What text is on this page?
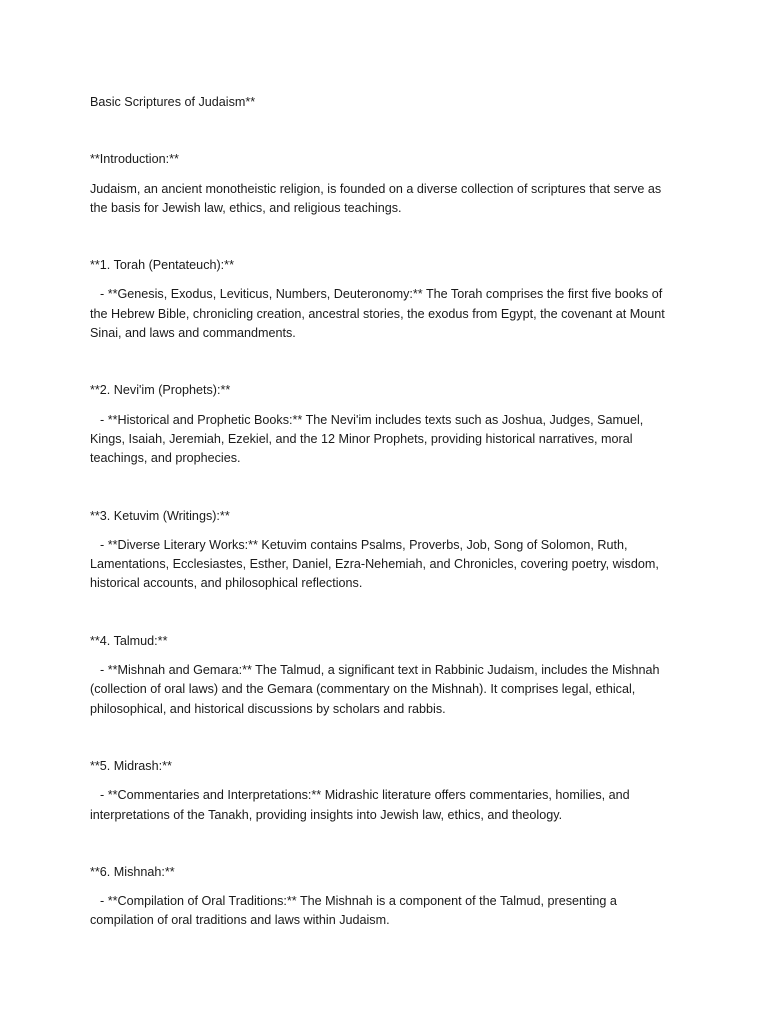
Basic Scriptures of Judaism**

**Introduction:**

Judaism, an ancient monotheistic religion, is founded on a diverse collection of scriptures that serve as the basis for Jewish law, ethics, and religious teachings.

**1. Torah (Pentateuch):**

- **Genesis, Exodus, Leviticus, Numbers, Deuteronomy:** The Torah comprises the first five books of the Hebrew Bible, chronicling creation, ancestral stories, the exodus from Egypt, the covenant at Mount Sinai, and laws and commandments.

**2. Nevi'im (Prophets):**

- **Historical and Prophetic Books:** The Nevi'im includes texts such as Joshua, Judges, Samuel, Kings, Isaiah, Jeremiah, Ezekiel, and the 12 Minor Prophets, providing historical narratives, moral teachings, and prophecies.

**3. Ketuvim (Writings):**

- **Diverse Literary Works:** Ketuvim contains Psalms, Proverbs, Job, Song of Solomon, Ruth, Lamentations, Ecclesiastes, Esther, Daniel, Ezra-Nehemiah, and Chronicles, covering poetry, wisdom, historical accounts, and philosophical reflections.

**4. Talmud:**

- **Mishnah and Gemara:** The Talmud, a significant text in Rabbinic Judaism, includes the Mishnah (collection of oral laws) and the Gemara (commentary on the Mishnah). It comprises legal, ethical, philosophical, and historical discussions by scholars and rabbis.

**5. Midrash:**

- **Commentaries and Interpretations:** Midrashic literature offers commentaries, homilies, and interpretations of the Tanakh, providing insights into Jewish law, ethics, and theology.

**6. Mishnah:**

- **Compilation of Oral Traditions:** The Mishnah is a component of the Talmud, presenting a compilation of oral traditions and laws within Judaism.
